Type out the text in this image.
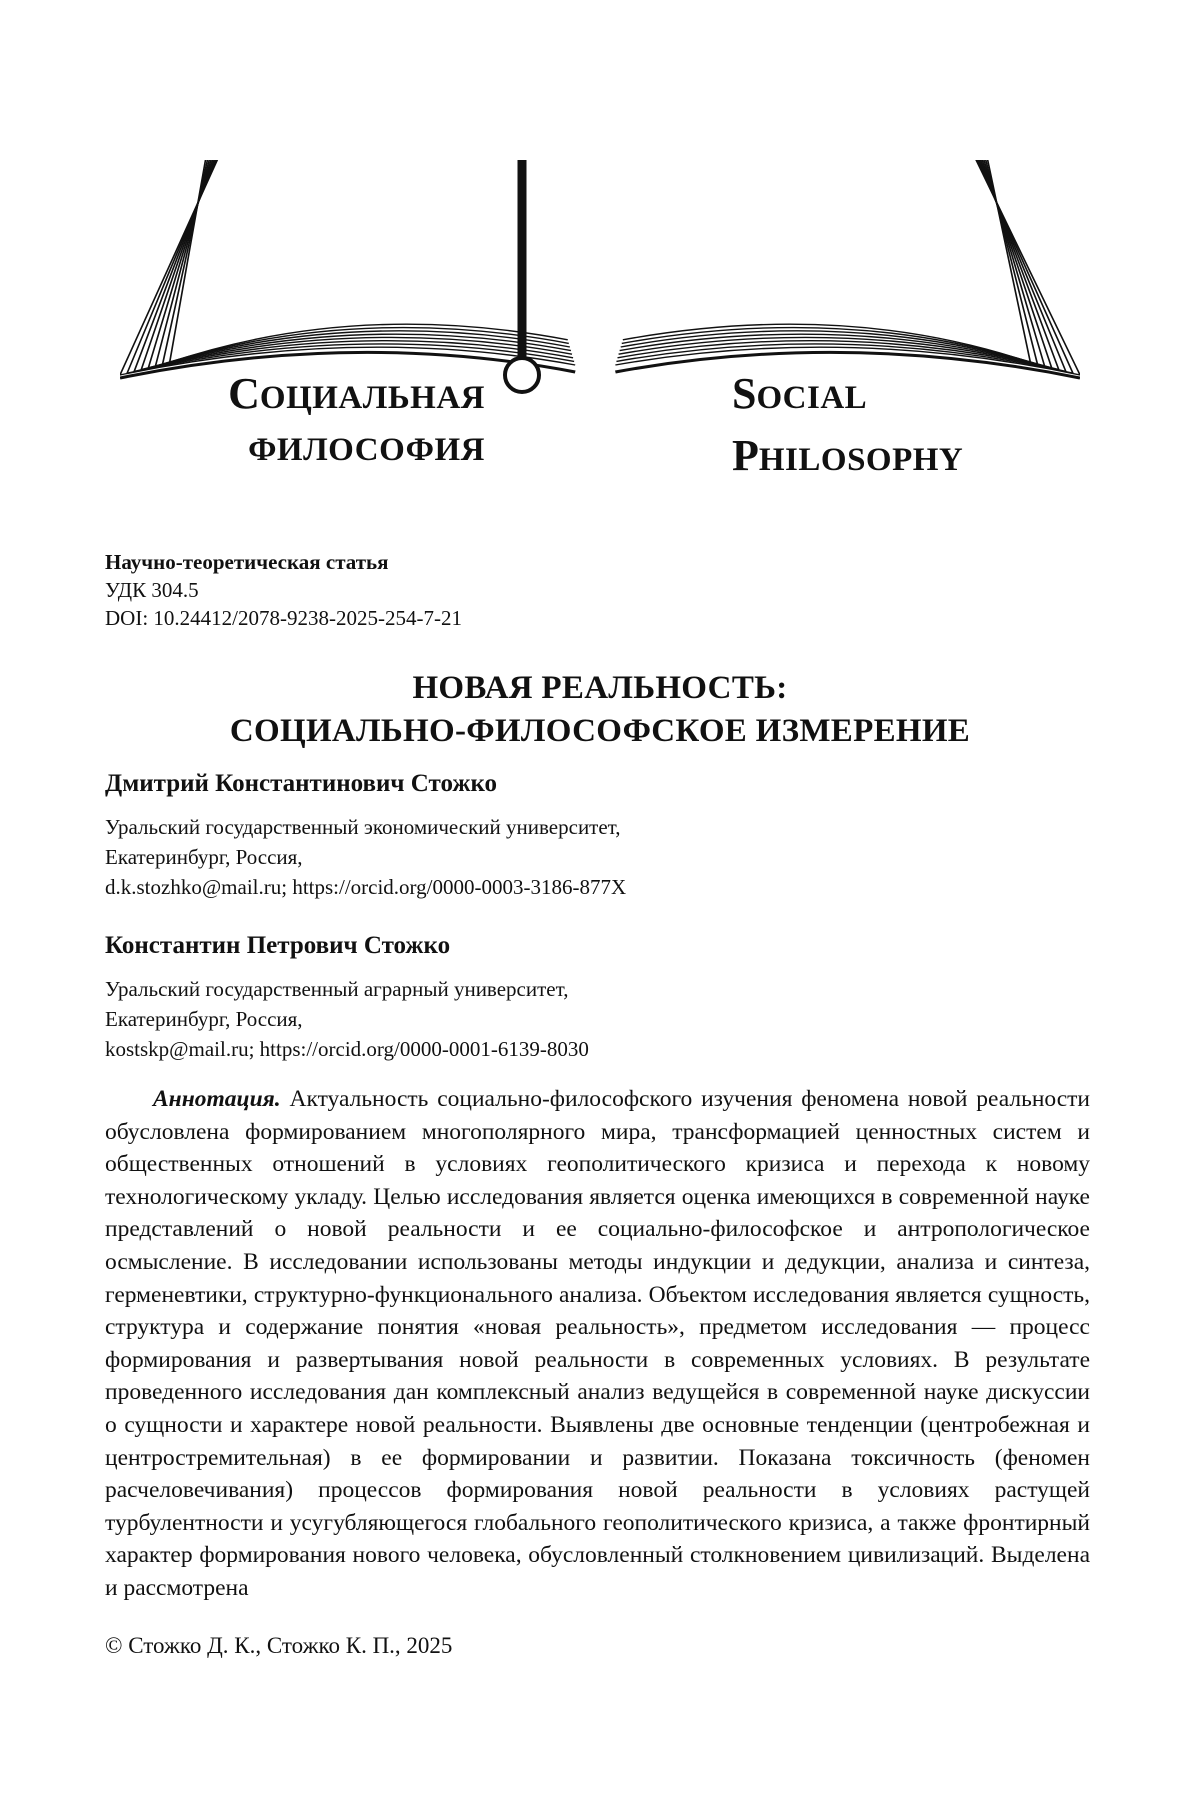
СОЦИАЛЬНАЯ
ФИЛОСОФИЯ
SOCIAL
PHILOSOPHY
Научно-теоретическая статья
УДК 304.5
DOI: 10.24412/2078-9238-2025-254-7-21
НОВАЯ РЕАЛЬНОСТЬ:
СОЦИАЛЬНО-ФИЛОСОФСКОЕ ИЗМЕРЕНИЕ
Дмитрий Константинович Стожко
Уральский государственный экономический университет,
Екатеринбург, Россия,
d.k.stozhko@mail.ru; https://orcid.org/0000-0003-3186-877X
Константин Петрович Стожко
Уральский государственный аграрный университет,
Екатеринбург, Россия,
kostskp@mail.ru; https://orcid.org/0000-0001-6139-8030
Аннотация. Актуальность социально-философского изучения феномена новой реальности обусловлена формированием многополярного мира, трансформацией ценностных систем и общественных отношений в условиях геополитического кризиса и перехода к новому технологическому укладу. Целью исследования является оценка имеющихся в современной науке представлений о новой реальности и ее социально-философское и антропологическое осмысление. В исследовании использованы методы индукции и дедукции, анализа и синтеза, герменевтики, структурно-функционального анализа. Объектом исследования является сущность, структура и содержание понятия «новая реальность», предметом исследования — процесс формирования и развертывания новой реальности в современных условиях. В результате проведенного исследования дан комплексный анализ ведущейся в современной науке дискуссии о сущности и характере новой реальности. Выявлены две основные тенденции (центробежная и центростремительная) в ее формировании и развитии. Показана токсичность (феномен расчеловечивания) процессов формирования новой реальности в условиях растущей турбулентности и усугубляющегося глобального геополитического кризиса, а также фронтирный характер формирования нового человека, обусловленный столкновением цивилизаций. Выделена и рассмотрена
© Стожко Д. К., Стожко К. П., 2025
